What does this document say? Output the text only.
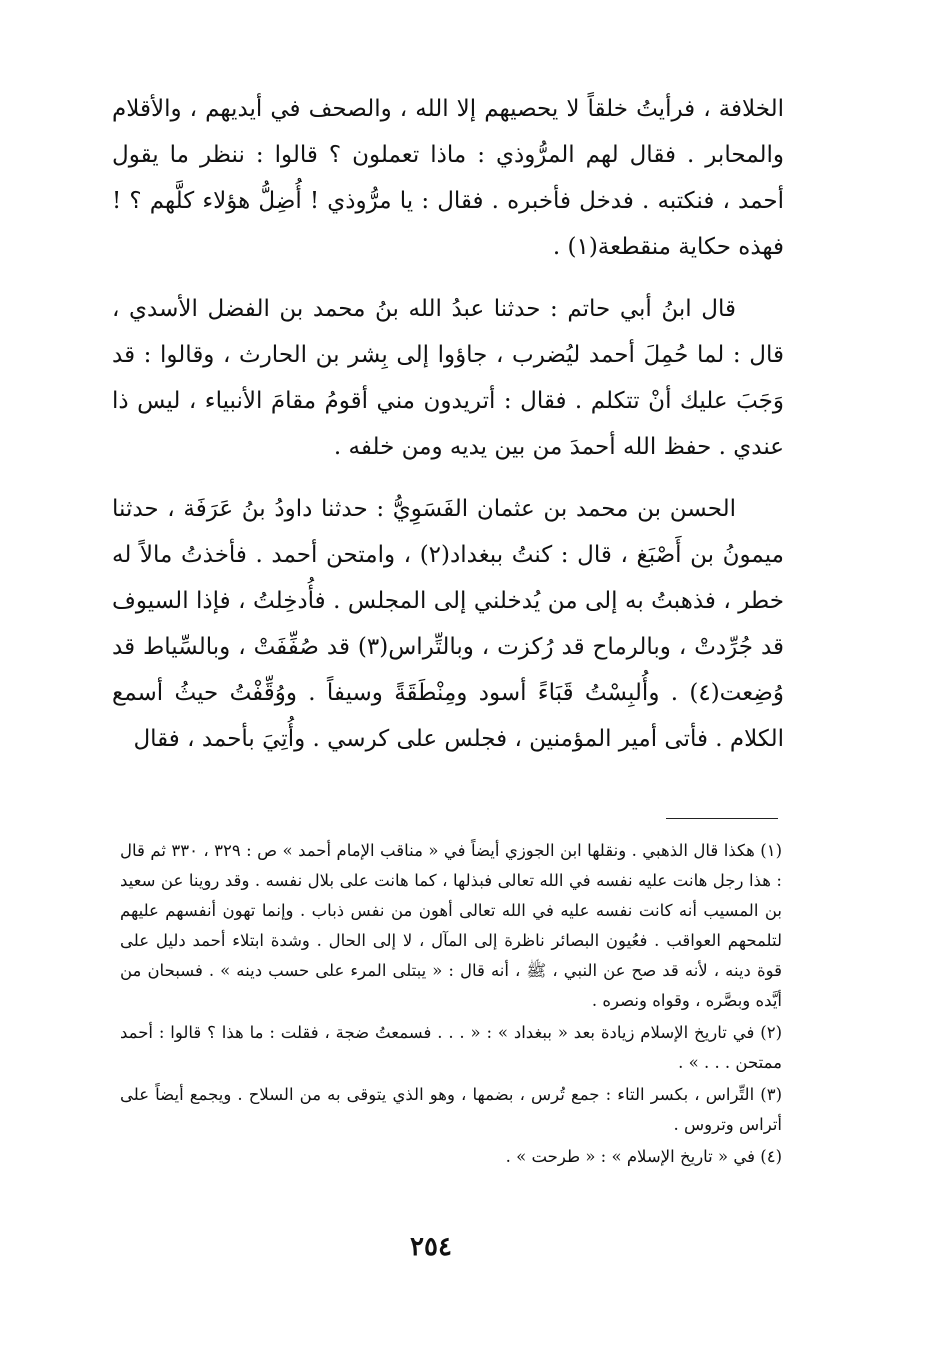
الخلافة ، فرأيتُ خلقاً لا يحصيهم إلا الله ، والصحف في أيديهم ، والأقلام والمحابر . فقال لهم المرُّوذي : ماذا تعملون ؟ قالوا : ننظر ما يقول أحمد ، فنكتبه . فدخل فأخبره . فقال : يا مرُّوذي ! أُضِلُّ هؤلاء كلَّهم ؟ ! فهذه حكاية منقطعة(١) .

قال ابنُ أبي حاتم : حدثنا عبدُ الله بنُ محمد بن الفضل الأسدي ، قال : لما حُمِلَ أحمد ليُضرب ، جاؤوا إلى بِشر بن الحارث ، وقالوا : قد وَجَبَ عليك أنْ تتكلم . فقال : أتريدون مني أقومُ مقامَ الأنبياء ، ليس ذا عندي . حفظ الله أحمدَ من بين يديه ومن خلفه .

الحسن بن محمد بن عثمان الفَسَوِيُّ : حدثنا داودُ بنُ عَرَفَة ، حدثنا ميمونُ بن أَصْبَغ ، قال : كنتُ ببغداد(٢) ، وامتحن أحمد . فأخذتُ مالاً له خطر ، فذهبتُ به إلى من يُدخلني إلى المجلس . فأُدخِلتُ ، فإذا السيوف قد جُرِّدتْ ، وبالرماح قد رُكزت ، وبالتِّراس(٣) قد صُفِّفَتْ ، وبالسِّياط قد وُضِعت(٤) . وأُلبِسْتُ قَبَاءً أسود ومِنْطَقَةً وسيفاً . ووُقِّفْتُ حيثُ أسمع الكلام . فأتى أمير المؤمنين ، فجلس على كرسي . وأُتِيَ بأحمد ، فقال

(١) هكذا قال الذهبي . ونقلها ابن الجوزي أيضاً في « مناقب الإمام أحمد » ص : ٣٢٩ ، ٣٣٠ ثم قال : هذا رجل هانت عليه نفسه في الله تعالى فبذلها ، كما هانت على بلال نفسه . وقد روينا عن سعيد بن المسيب أنه كانت نفسه عليه في الله تعالى أهون من نفس ذباب . وإنما تهون أنفسهم عليهم لتلمحهم العواقب . فعُيون البصائر ناظرة إلى المآل ، لا إلى الحال . وشدة ابتلاء أحمد دليل على قوة دينه ، لأنه قد صح عن النبي ، ﷺ ، أنه قال : « يبتلى المرء على حسب دينه » . فسبحان من أيَّده وبصَّره ، وقواه ونصره .

(٢) في تاريخ الإسلام زيادة بعد « ببغداد » : « . . . فسمعتُ ضجة ، فقلت : ما هذا ؟ قالوا : أحمد ممتحن . . . » .

(٣) التِّراس ، بكسر التاء : جمع تُرس ، بضمها ، وهو الذي يتوقى به من السلاح . ويجمع أيضاً على أتراس وتروس .

(٤) في « تاريخ الإسلام » : « طرحت » .

٢٥٤
